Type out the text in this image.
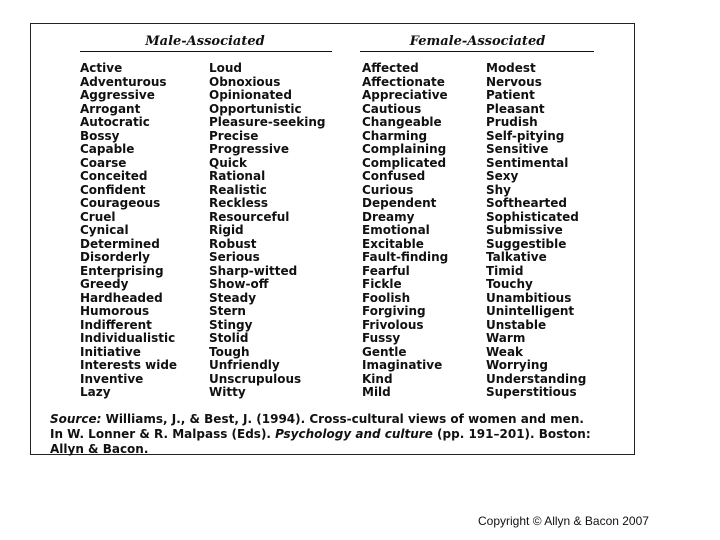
Male-Associated	Female-Associated
Active
Adventurous
Aggressive
Arrogant
Autocratic
Bossy
Capable
Coarse
Conceited
Confident
Courageous
Cruel
Cynical
Determined
Disorderly
Enterprising
Greedy
Hardheaded
Humorous
Indifferent
Individualistic
Initiative
Interests wide
Inventive
Lazy
Loud
Obnoxious
Opinionated
Opportunistic
Pleasure-seeking
Precise
Progressive
Quick
Rational
Realistic
Reckless
Resourceful
Rigid
Robust
Serious
Sharp-witted
Show-off
Steady
Stern
Stingy
Stolid
Tough
Unfriendly
Unscrupulous
Witty
Affected
Affectionate
Appreciative
Cautious
Changeable
Charming
Complaining
Complicated
Confused
Curious
Dependent
Dreamy
Emotional
Excitable
Fault-finding
Fearful
Fickle
Foolish
Forgiving
Frivolous
Fussy
Gentle
Imaginative
Kind
Mild
Modest
Nervous
Patient
Pleasant
Prudish
Self-pitying
Sensitive
Sentimental
Sexy
Shy
Softhearted
Sophisticated
Submissive
Suggestible
Talkative
Timid
Touchy
Unambitious
Unintelligent
Unstable
Warm
Weak
Worrying
Understanding
Superstitious
Source: Williams, J., & Best, J. (1994). Cross-cultural views of women and men. In W. Lonner & R. Malpass (Eds). Psychology and culture (pp. 191–201). Boston: Allyn & Bacon.
Copyright © Allyn & Bacon 2007
